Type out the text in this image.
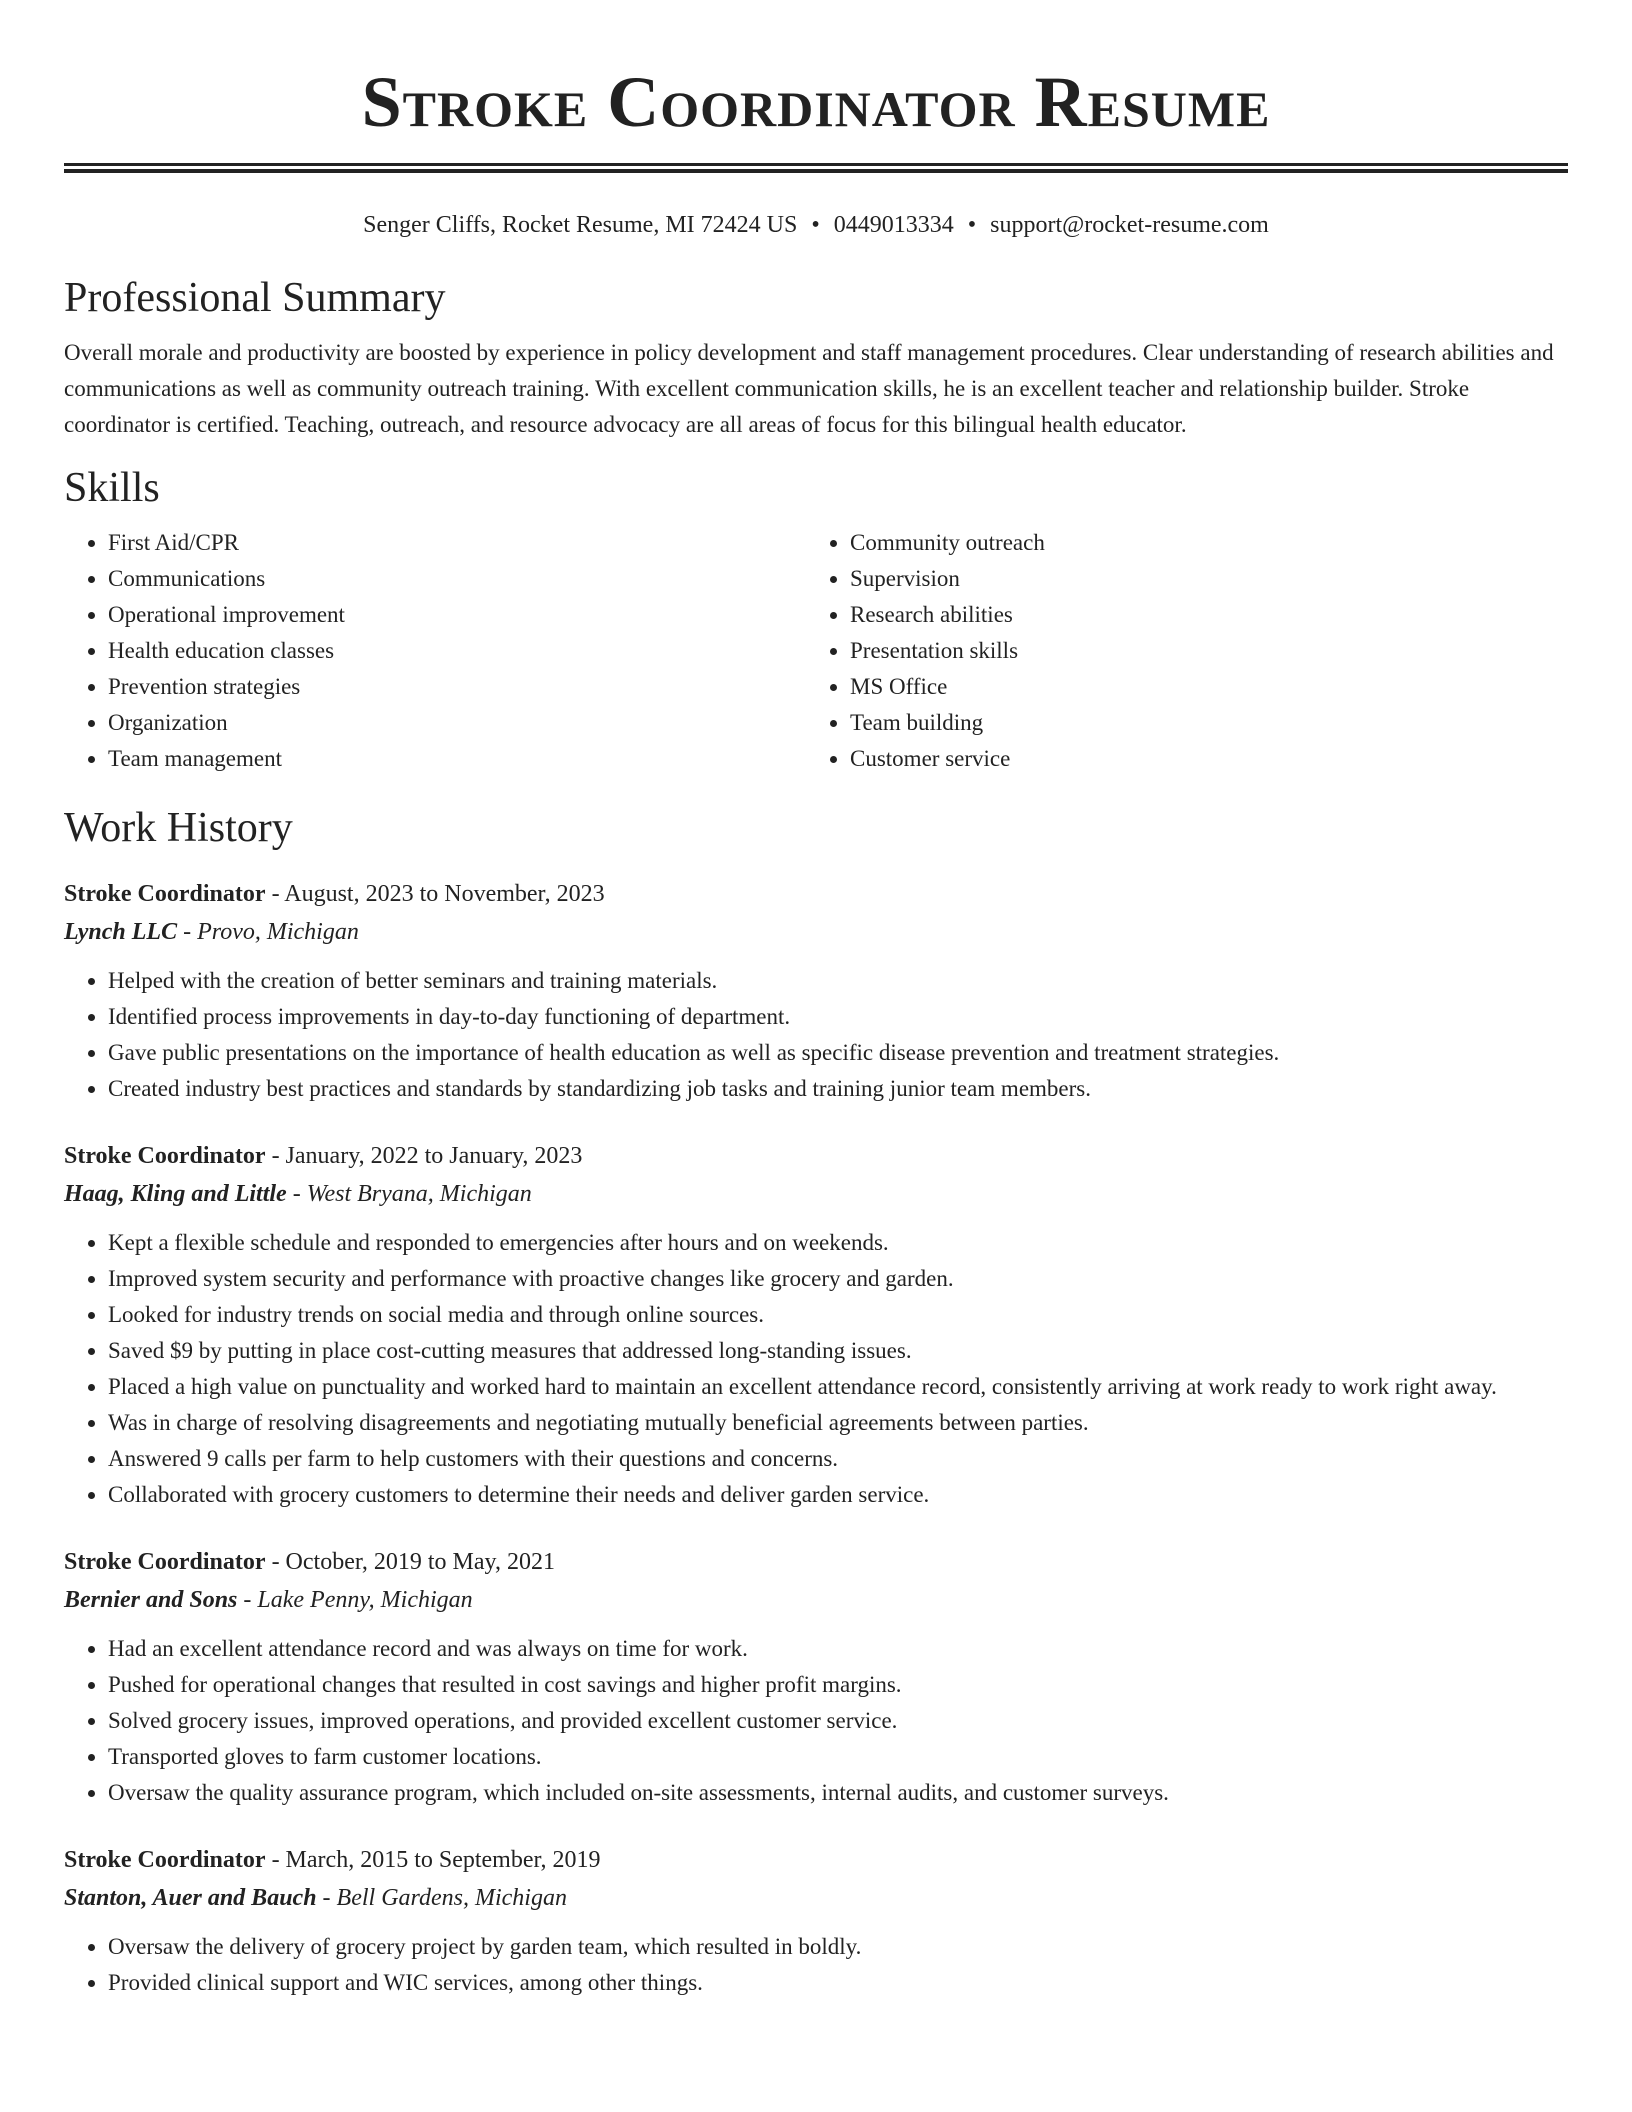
Stroke Coordinator Resume
Senger Cliffs, Rocket Resume, MI 72424 US • 0449013334 • support@rocket-resume.com
Professional Summary
Overall morale and productivity are boosted by experience in policy development and staff management procedures. Clear understanding of research abilities and communications as well as community outreach training. With excellent communication skills, he is an excellent teacher and relationship builder. Stroke coordinator is certified. Teaching, outreach, and resource advocacy are all areas of focus for this bilingual health educator.
Skills
• First Aid/CPR
• Communications
• Operational improvement
• Health education classes
• Prevention strategies
• Organization
• Team management
• Community outreach
• Supervision
• Research abilities
• Presentation skills
• MS Office
• Team building
• Customer service
Work History
Stroke Coordinator - August, 2023 to November, 2023
Lynch LLC - Provo, Michigan
• Helped with the creation of better seminars and training materials.
• Identified process improvements in day-to-day functioning of department.
• Gave public presentations on the importance of health education as well as specific disease prevention and treatment strategies.
• Created industry best practices and standards by standardizing job tasks and training junior team members.
Stroke Coordinator - January, 2022 to January, 2023
Haag, Kling and Little - West Bryana, Michigan
• Kept a flexible schedule and responded to emergencies after hours and on weekends.
• Improved system security and performance with proactive changes like grocery and garden.
• Looked for industry trends on social media and through online sources.
• Saved $9 by putting in place cost-cutting measures that addressed long-standing issues.
• Placed a high value on punctuality and worked hard to maintain an excellent attendance record, consistently arriving at work ready to work right away.
• Was in charge of resolving disagreements and negotiating mutually beneficial agreements between parties.
• Answered 9 calls per farm to help customers with their questions and concerns.
• Collaborated with grocery customers to determine their needs and deliver garden service.
Stroke Coordinator - October, 2019 to May, 2021
Bernier and Sons - Lake Penny, Michigan
• Had an excellent attendance record and was always on time for work.
• Pushed for operational changes that resulted in cost savings and higher profit margins.
• Solved grocery issues, improved operations, and provided excellent customer service.
• Transported gloves to farm customer locations.
• Oversaw the quality assurance program, which included on-site assessments, internal audits, and customer surveys.
Stroke Coordinator - March, 2015 to September, 2019
Stanton, Auer and Bauch - Bell Gardens, Michigan
• Oversaw the delivery of grocery project by garden team, which resulted in boldly.
• Provided clinical support and WIC services, among other things.
